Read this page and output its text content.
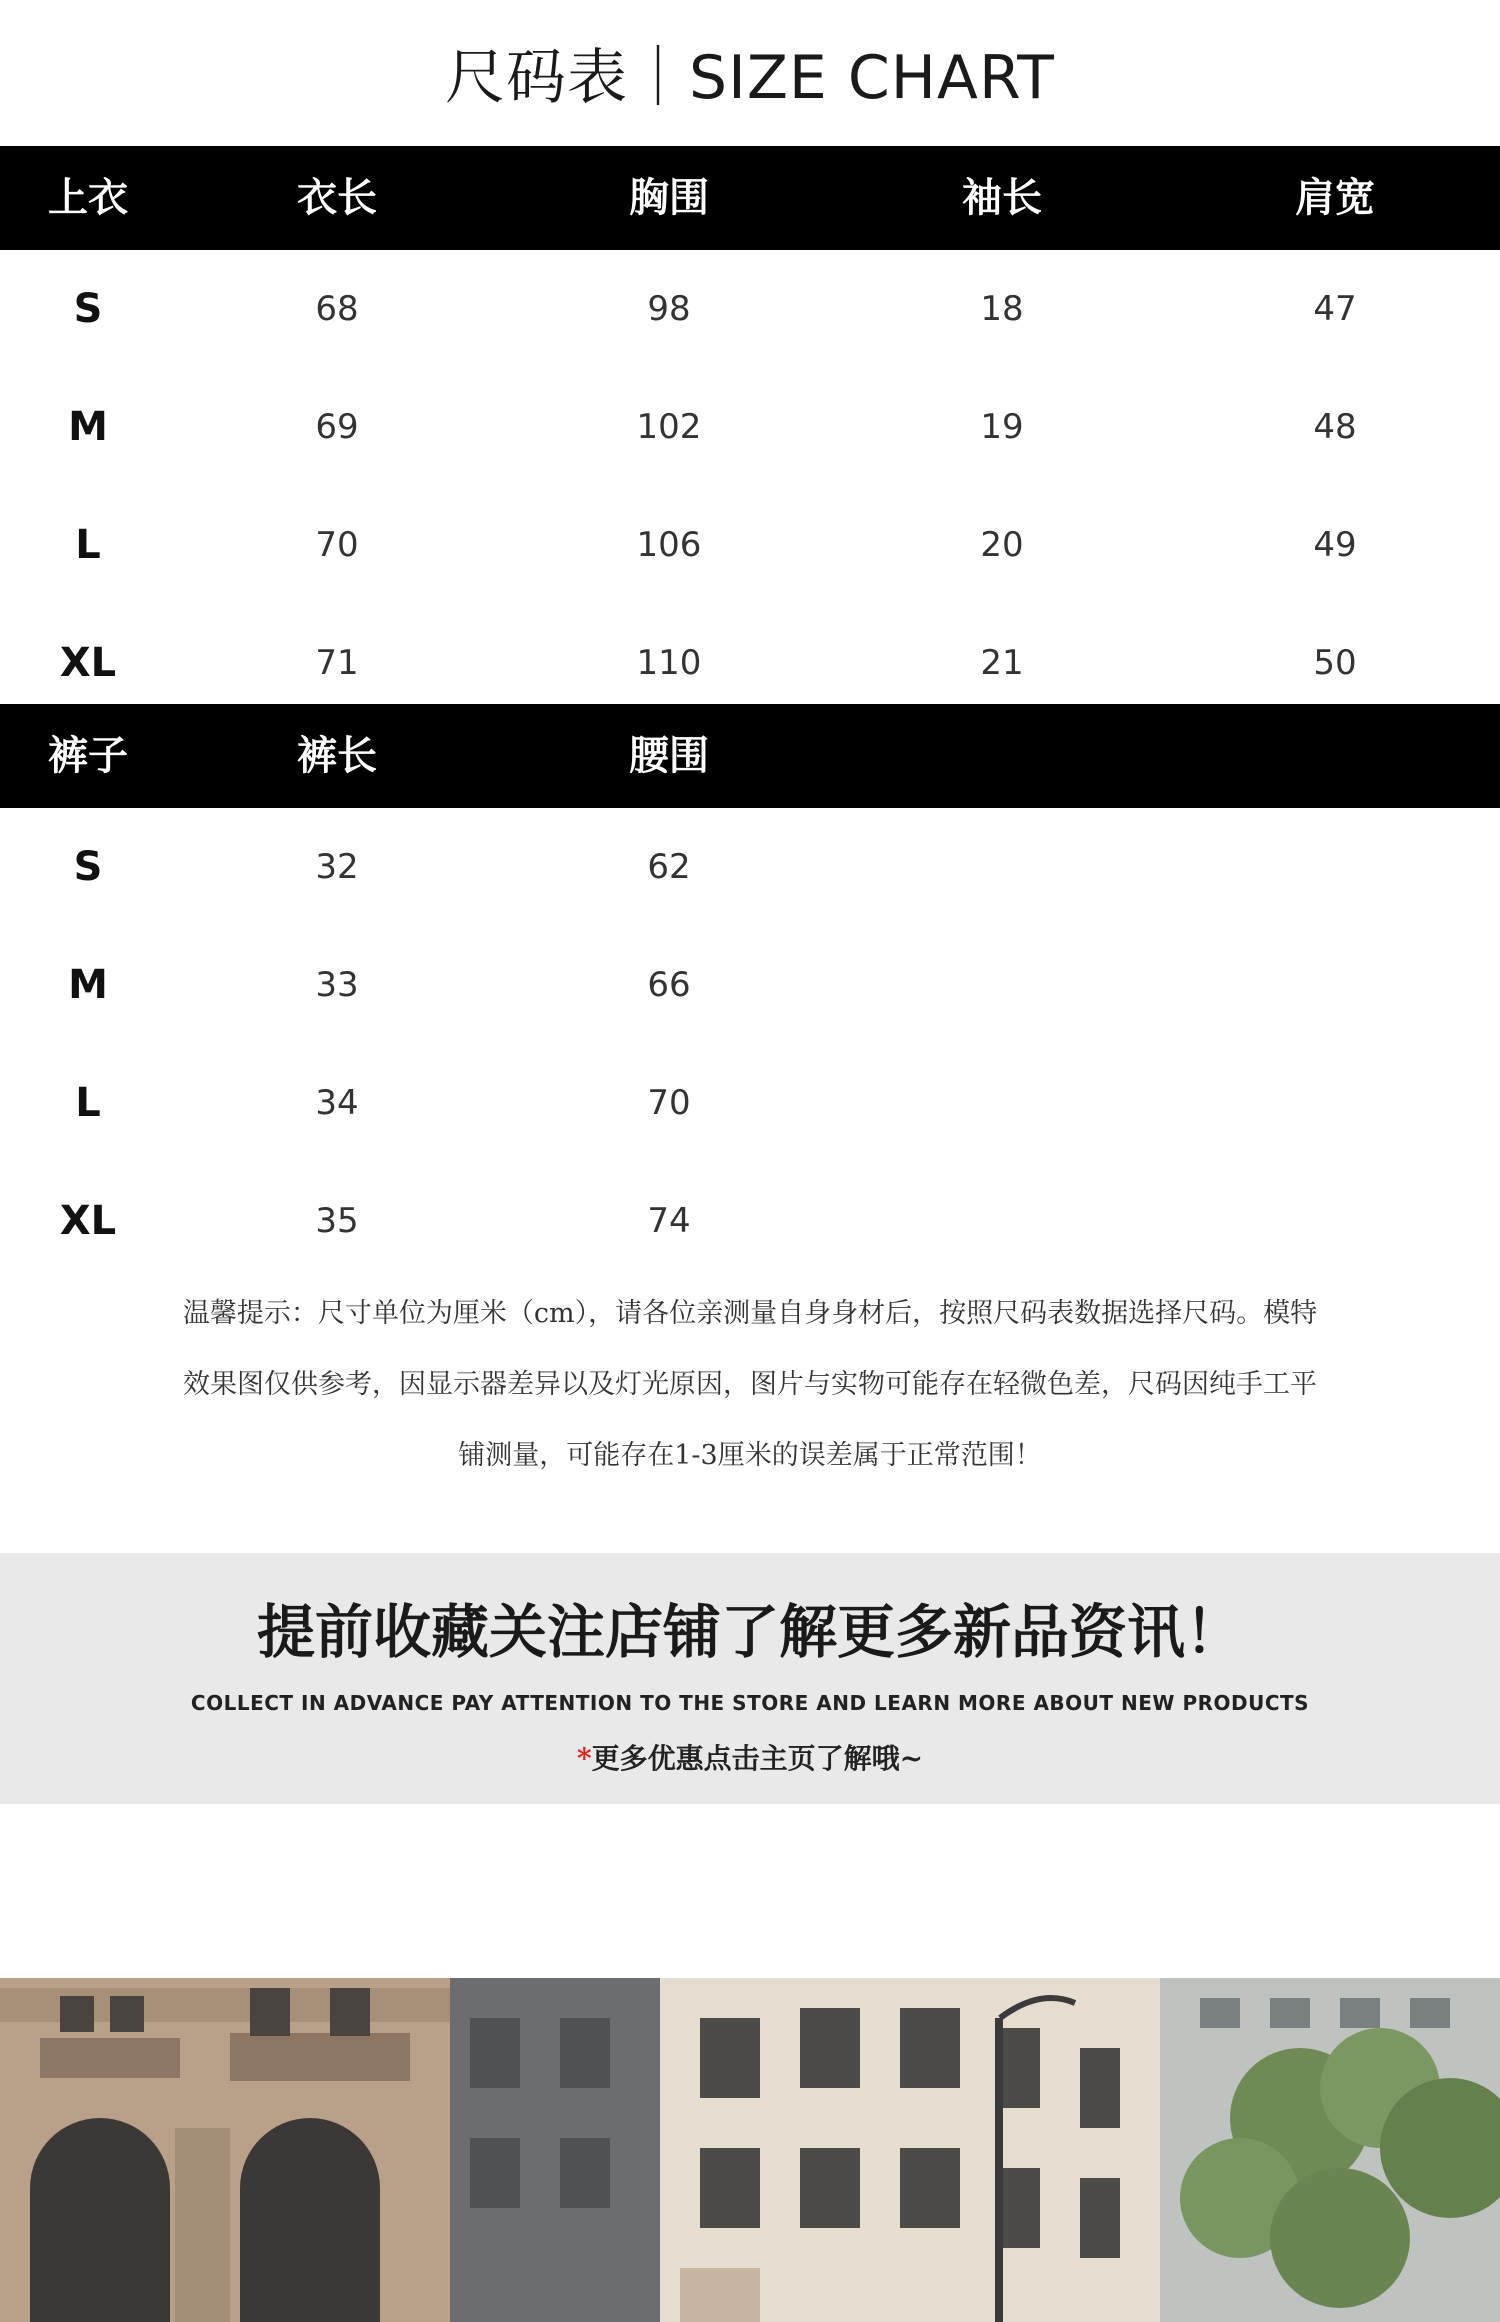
尺码表｜SIZE CHART
上衣	衣长	胸围	袖长	肩宽
S	68	98	18	47
M	69	102	19	48
L	70	106	20	49
XL	71	110	21	50
裤子	裤长	腰围
S	32	62
M	33	66
L	34	70
XL	35	74
温馨提示：尺寸单位为厘米（cm），请各位亲测量自身身材后，按照尺码表数据选择尺码。模特
效果图仅供参考，因显示器差异以及灯光原因，图片与实物可能存在轻微色差，尺码因纯手工平
铺测量，可能存在1-3厘米的误差属于正常范围！
提前收藏关注店铺了解更多新品资讯！
COLLECT IN ADVANCE PAY ATTENTION TO THE STORE AND LEARN MORE ABOUT NEW PRODUCTS
*更多优惠点击主页了解哦~
